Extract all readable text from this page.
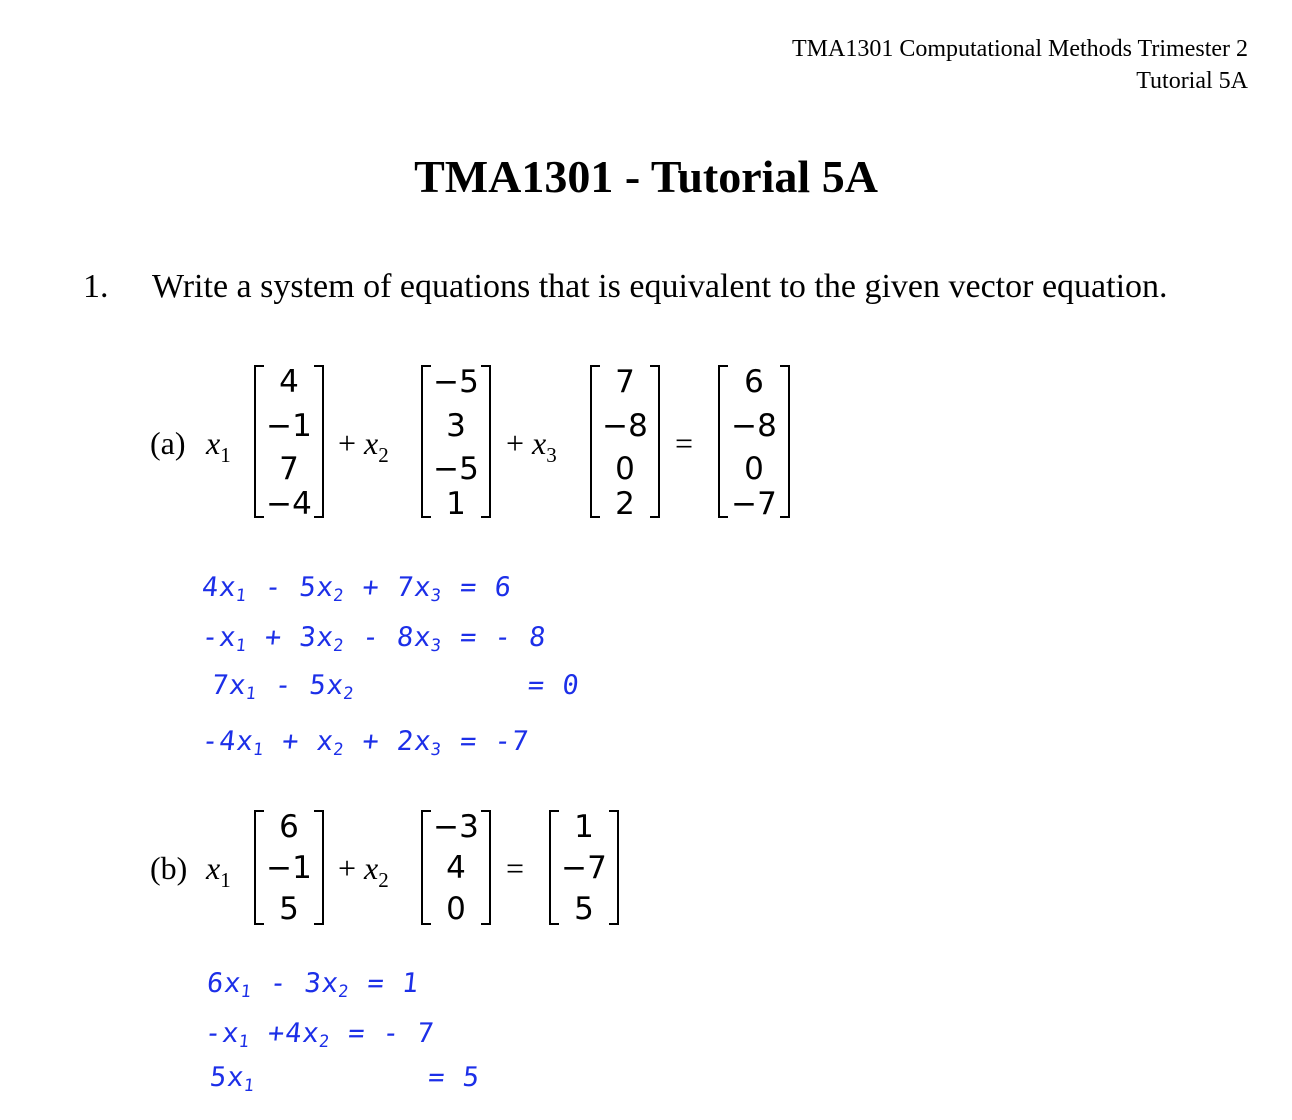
TMA1301 Computational Methods Trimester 2
Tutorial 5A
TMA1301 - Tutorial 5A
1. Write a system of equations that is equivalent to the given vector equation.
(a) $x_1$
4
−1
7
−4
+ $x_2$
−5
3
−5
1
+ $x_3$
7
−8
0
2
=
6
−8
0
−7
4x1 - 5x2 + 7x3 = 6
-x1 + 3x2 - 8x3 = - 8
7x1 - 5x2          = 0
-4x1 + x2 + 2x3 = -7
(b) $x_1$
6
−1
5
+ $x_2$
−3
4
0
=
1
−7
5
6x1 - 3x2 = 1
-x1 +4x2 = - 7
5x1          = 5
